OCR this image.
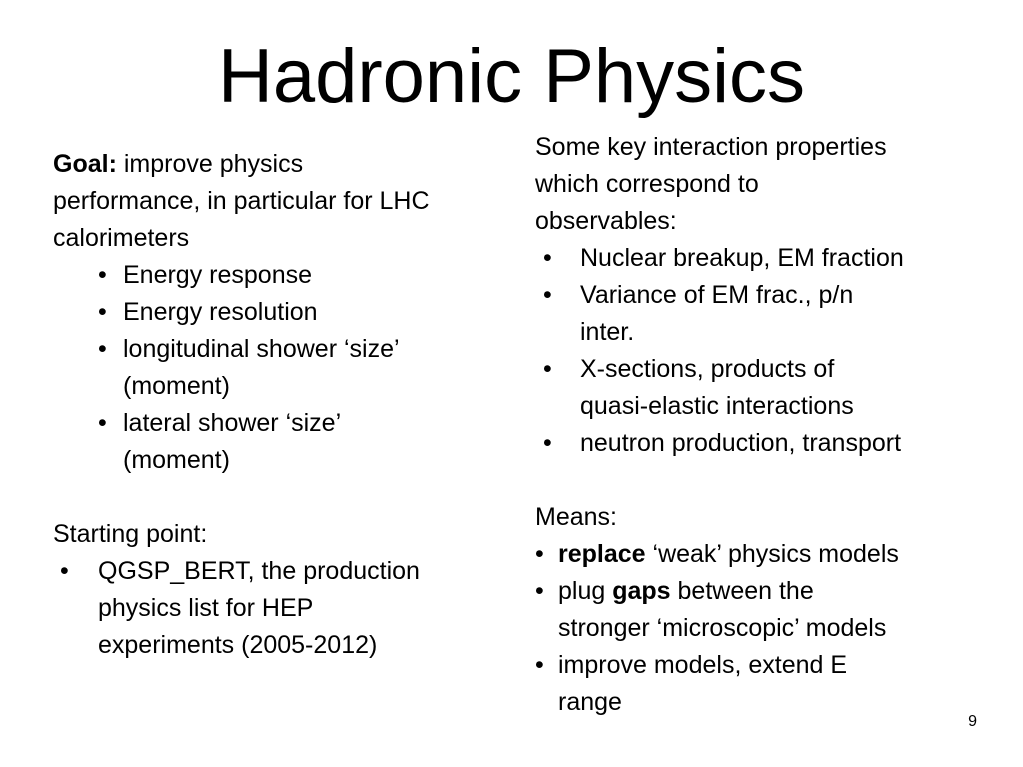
Hadronic Physics
Goal: improve physics
performance, in particular for LHC
calorimeters
• Energy response
• Energy resolution
• longitudinal shower ‘size’
(moment)
• lateral shower ‘size’
(moment)
Starting point:
• QGSP_BERT, the production
physics list for HEP
experiments (2005-2012)
Some key interaction properties
which correspond to
observables:
• Nuclear breakup, EM fraction
• Variance of EM frac., p/n
inter.
• X-sections, products of
quasi-elastic interactions
• neutron production, transport
Means:
• replace ‘weak’ physics models
• plug gaps between the
stronger ‘microscopic’ models
• improve models, extend E
range
9
